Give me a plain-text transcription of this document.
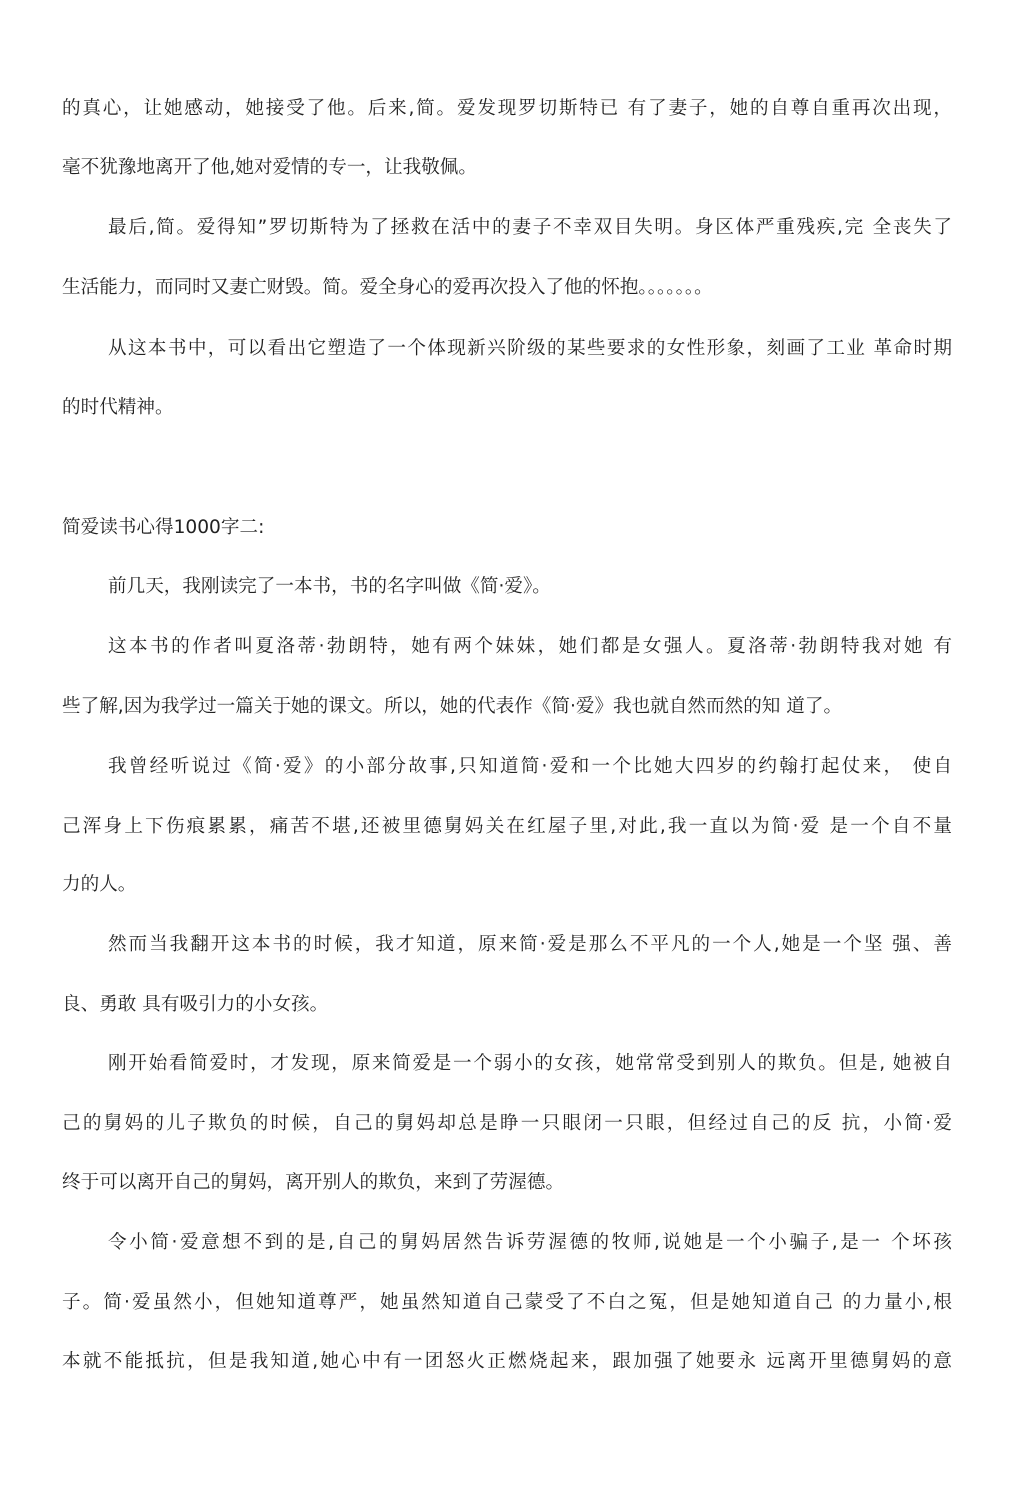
的真心，让她感动，她接受了他。后来,简。爱发现罗切斯特已 有了妻子，她的自尊自重再次出现，
毫不犹豫地离开了他,她对爱情的专一，让我敬佩。
最后,简。爱得知”罗切斯特为了拯救在活中的妻子不幸双目失明。身区体严重残疾,完 全丧失了
生活能力，而同时又妻亡财毁。简。爱全身心的爱再次投入了他的怀抱。。。。。。。
从这本书中，可以看出它塑造了一个体现新兴阶级的某些要求的女性形象，刻画了工业 革命时期
的时代精神。
简爱读书心得1000字二:
前几天，我刚读完了一本书，书的名字叫做《简·爱》。
这本书的作者叫夏洛蒂·勃朗特，她有两个妹妹，她们都是女强人。夏洛蒂·勃朗特我对她 有
些了解,因为我学过一篇关于她的课文。所以，她的代表作《简·爱》我也就自然而然的知 道了。
我曾经听说过《简·爱》的小部分故事,只知道简·爱和一个比她大四岁的约翰打起仗来， 使自
己浑身上下伤痕累累，痛苦不堪,还被里德舅妈关在红屋子里,对此,我一直以为简·爱 是一个自不量
力的人。
然而当我翻开这本书的时候，我才知道，原来简·爱是那么不平凡的一个人,她是一个坚 强、善
良、勇敢 具有吸引力的小女孩。
刚开始看简爱时，才发现，原来简爱是一个弱小的女孩，她常常受到别人的欺负。但是, 她被自
己的舅妈的儿子欺负的时候，自己的舅妈却总是睁一只眼闭一只眼，但经过自己的反 抗，小简·爱
终于可以离开自己的舅妈，离开别人的欺负，来到了劳渥德。
令小简·爱意想不到的是,自己的舅妈居然告诉劳渥德的牧师,说她是一个小骗子,是一 个坏孩
子。简·爱虽然小，但她知道尊严，她虽然知道自己蒙受了不白之冤，但是她知道自己 的力量小,根
本就不能抵抗，但是我知道,她心中有一团怒火正燃烧起来，跟加强了她要永 远离开里德舅妈的意
